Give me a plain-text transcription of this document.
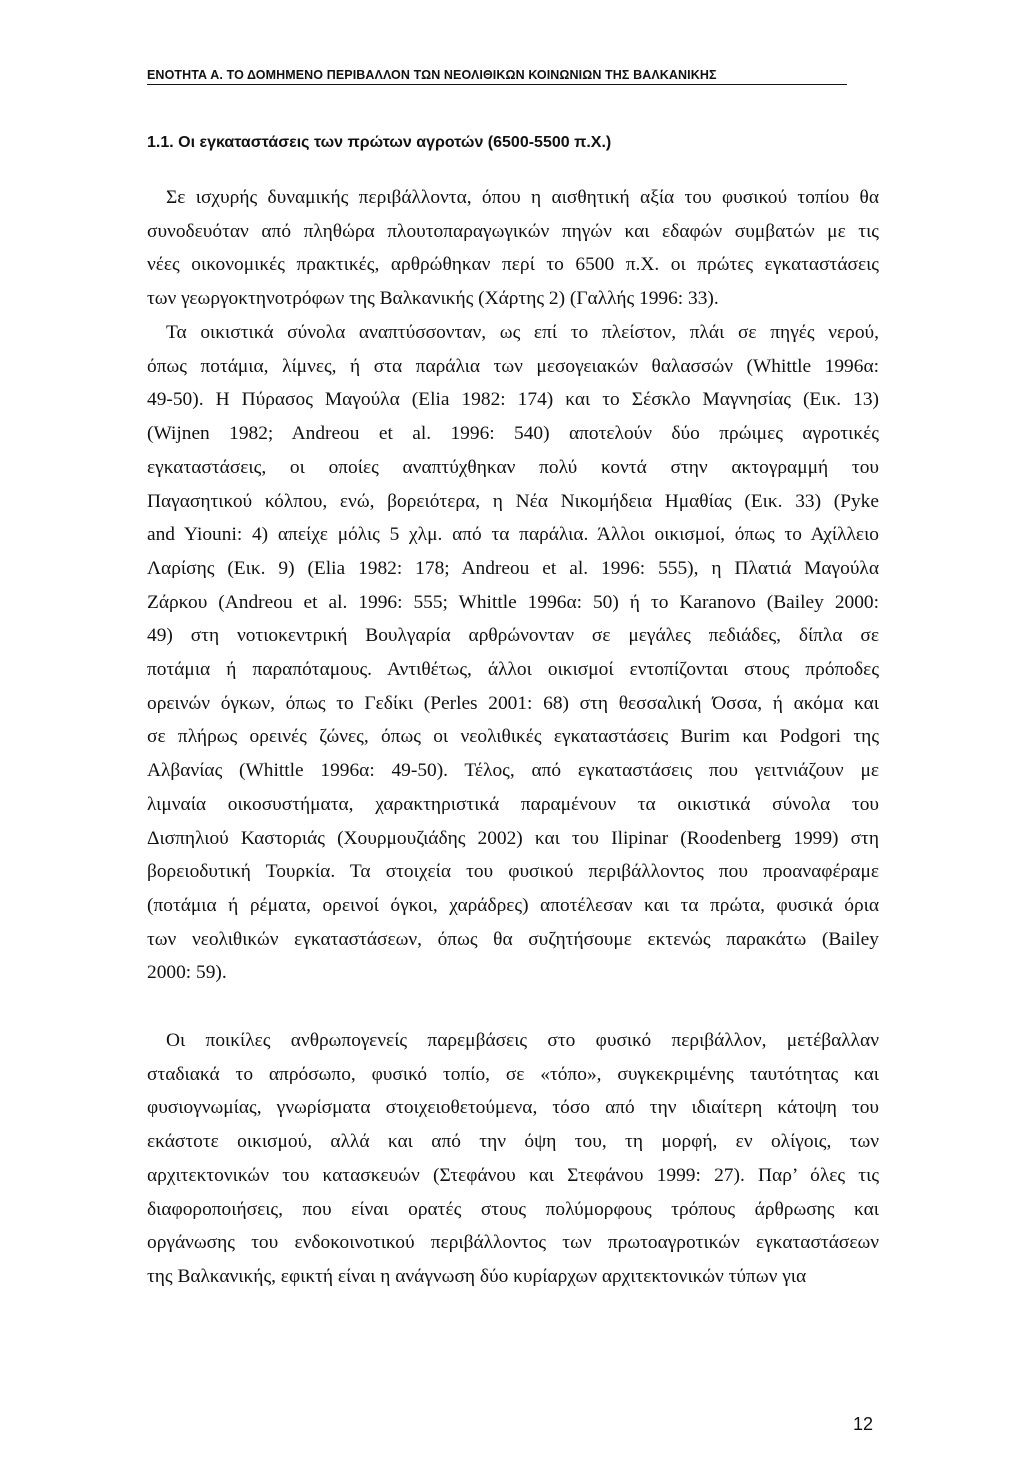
ΕΝΟΤΗΤΑ Α. ΤΟ ΔΟΜΗΜΕΝΟ ΠΕΡΙΒΑΛΛΟΝ ΤΩΝ ΝΕΟΛΙΘΙΚΩΝ ΚΟΙΝΩΝΙΩΝ ΤΗΣ ΒΑΛΚΑΝΙΚΗΣ
1.1. Οι εγκαταστάσεις των πρώτων αγροτών (6500-5500 π.Χ.)
Σε ισχυρής δυναμικής περιβάλλοντα, όπου η αισθητική αξία του φυσικού τοπίου θα
συνοδευόταν από πληθώρα πλουτοπαραγωγικών πηγών και εδαφών συμβατών με τις
νέες οικονομικές πρακτικές, αρθρώθηκαν περί το 6500 π.Χ. οι πρώτες εγκαταστάσεις
των γεωργοκτηνοτρόφων της Βαλκανικής (Χάρτης 2) (Γαλλής 1996: 33).
Τα οικιστικά σύνολα αναπτύσσονταν, ως επί το πλείστον, πλάι σε πηγές νερού,
όπως ποτάμια, λίμνες, ή στα παράλια των μεσογειακών θαλασσών (Whittle 1996α:
49-50). Η Πύρασος Μαγούλα (Elia 1982: 174) και το Σέσκλο Μαγνησίας (Εικ. 13)
(Wijnen 1982; Andreou et al. 1996: 540) αποτελούν δύο πρώιμες αγροτικές
εγκαταστάσεις, οι οποίες αναπτύχθηκαν πολύ κοντά στην ακτογραμμή του
Παγασητικού κόλπου, ενώ, βορειότερα, η Νέα Νικομήδεια Ημαθίας (Εικ. 33) (Pyke
and Yiouni: 4) απείχε μόλις 5 χλμ. από τα παράλια. Άλλοι οικισμοί, όπως το Αχίλλειο
Λαρίσης (Εικ. 9) (Elia 1982: 178; Andreou et al. 1996: 555), η Πλατιά Μαγούλα
Ζάρκου (Andreou et al. 1996: 555; Whittle 1996α: 50) ή το Karanovo (Bailey 2000:
49) στη νοτιοκεντρική Βουλγαρία αρθρώνονταν σε μεγάλες πεδιάδες, δίπλα σε
ποτάμια ή παραπόταμους. Αντιθέτως, άλλοι οικισμοί εντοπίζονται στους πρόποδες
ορεινών όγκων, όπως το Γεδίκι (Perles 2001: 68) στη θεσσαλική Όσσα, ή ακόμα και
σε πλήρως ορεινές ζώνες, όπως οι νεολιθικές εγκαταστάσεις Burim και Podgori της
Αλβανίας (Whittle 1996α: 49-50). Τέλος, από εγκαταστάσεις που γειτνιάζουν με
λιμναία οικοσυστήματα, χαρακτηριστικά παραμένουν τα οικιστικά σύνολα του
Δισπηλιού Καστοριάς (Χουρμουζιάδης 2002) και του Ilipinar (Roodenberg 1999) στη
βορειοδυτική Τουρκία. Τα στοιχεία του φυσικού περιβάλλοντος που προαναφέραμε
(ποτάμια ή ρέματα, ορεινοί όγκοι, χαράδρες) αποτέλεσαν και τα πρώτα, φυσικά όρια
των νεολιθικών εγκαταστάσεων, όπως θα συζητήσουμε εκτενώς παρακάτω (Bailey
2000: 59).
Οι ποικίλες ανθρωπογενείς παρεμβάσεις στο φυσικό περιβάλλον, μετέβαλλαν
σταδιακά το απρόσωπο, φυσικό τοπίο, σε «τόπο», συγκεκριμένης ταυτότητας και
φυσιογνωμίας, γνωρίσματα στοιχειοθετούμενα, τόσο από την ιδιαίτερη κάτοψη του
εκάστοτε οικισμού, αλλά και από την όψη του, τη μορφή, εν ολίγοις, των
αρχιτεκτονικών του κατασκευών (Στεφάνου και Στεφάνου 1999: 27). Παρ’ όλες τις
διαφοροποιήσεις, που είναι ορατές στους πολύμορφους τρόπους άρθρωσης και
οργάνωσης του ενδοκοινοτικού περιβάλλοντος των πρωτοαγροτικών εγκαταστάσεων
της Βαλκανικής, εφικτή είναι η ανάγνωση δύο κυρίαρχων αρχιτεκτονικών τύπων για
12
